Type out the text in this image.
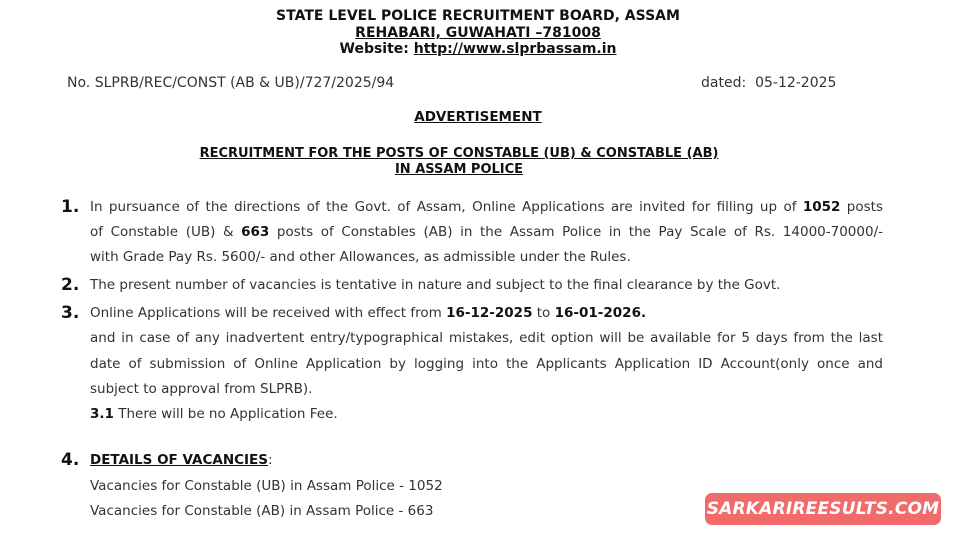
STATE LEVEL POLICE RECRUITMENT BOARD, ASSAM
REHABARI, GUWAHATI –781008
Website: http://www.slprbassam.in
No. SLPRB/REC/CONST (AB & UB)/727/2025/94	dated: 05-12-2025
ADVERTISEMENT
RECRUITMENT FOR THE POSTS OF CONSTABLE (UB) & CONSTABLE (AB)
IN ASSAM POLICE
1. In pursuance of the directions of the Govt. of Assam, Online Applications are invited for filling up of 1052 posts
of Constable (UB) & 663 posts of Constables (AB) in the Assam Police in the Pay Scale of Rs. 14000-70000/-
with Grade Pay Rs. 5600/- and other Allowances, as admissible under the Rules.
2. The present number of vacancies is tentative in nature and subject to the final clearance by the Govt.
3. Online Applications will be received with effect from 16-12-2025 to 16-01-2026.
and in case of any inadvertent entry/typographical mistakes, edit option will be available for 5 days from the last
date of submission of Online Application by logging into the Applicants Application ID Account(only once and
subject to approval from SLPRB).
3.1 There will be no Application Fee.
4. DETAILS OF VACANCIES:
Vacancies for Constable (UB) in Assam Police - 1052
Vacancies for Constable (AB) in Assam Police - 663	SARKARIREESULTS.COM
